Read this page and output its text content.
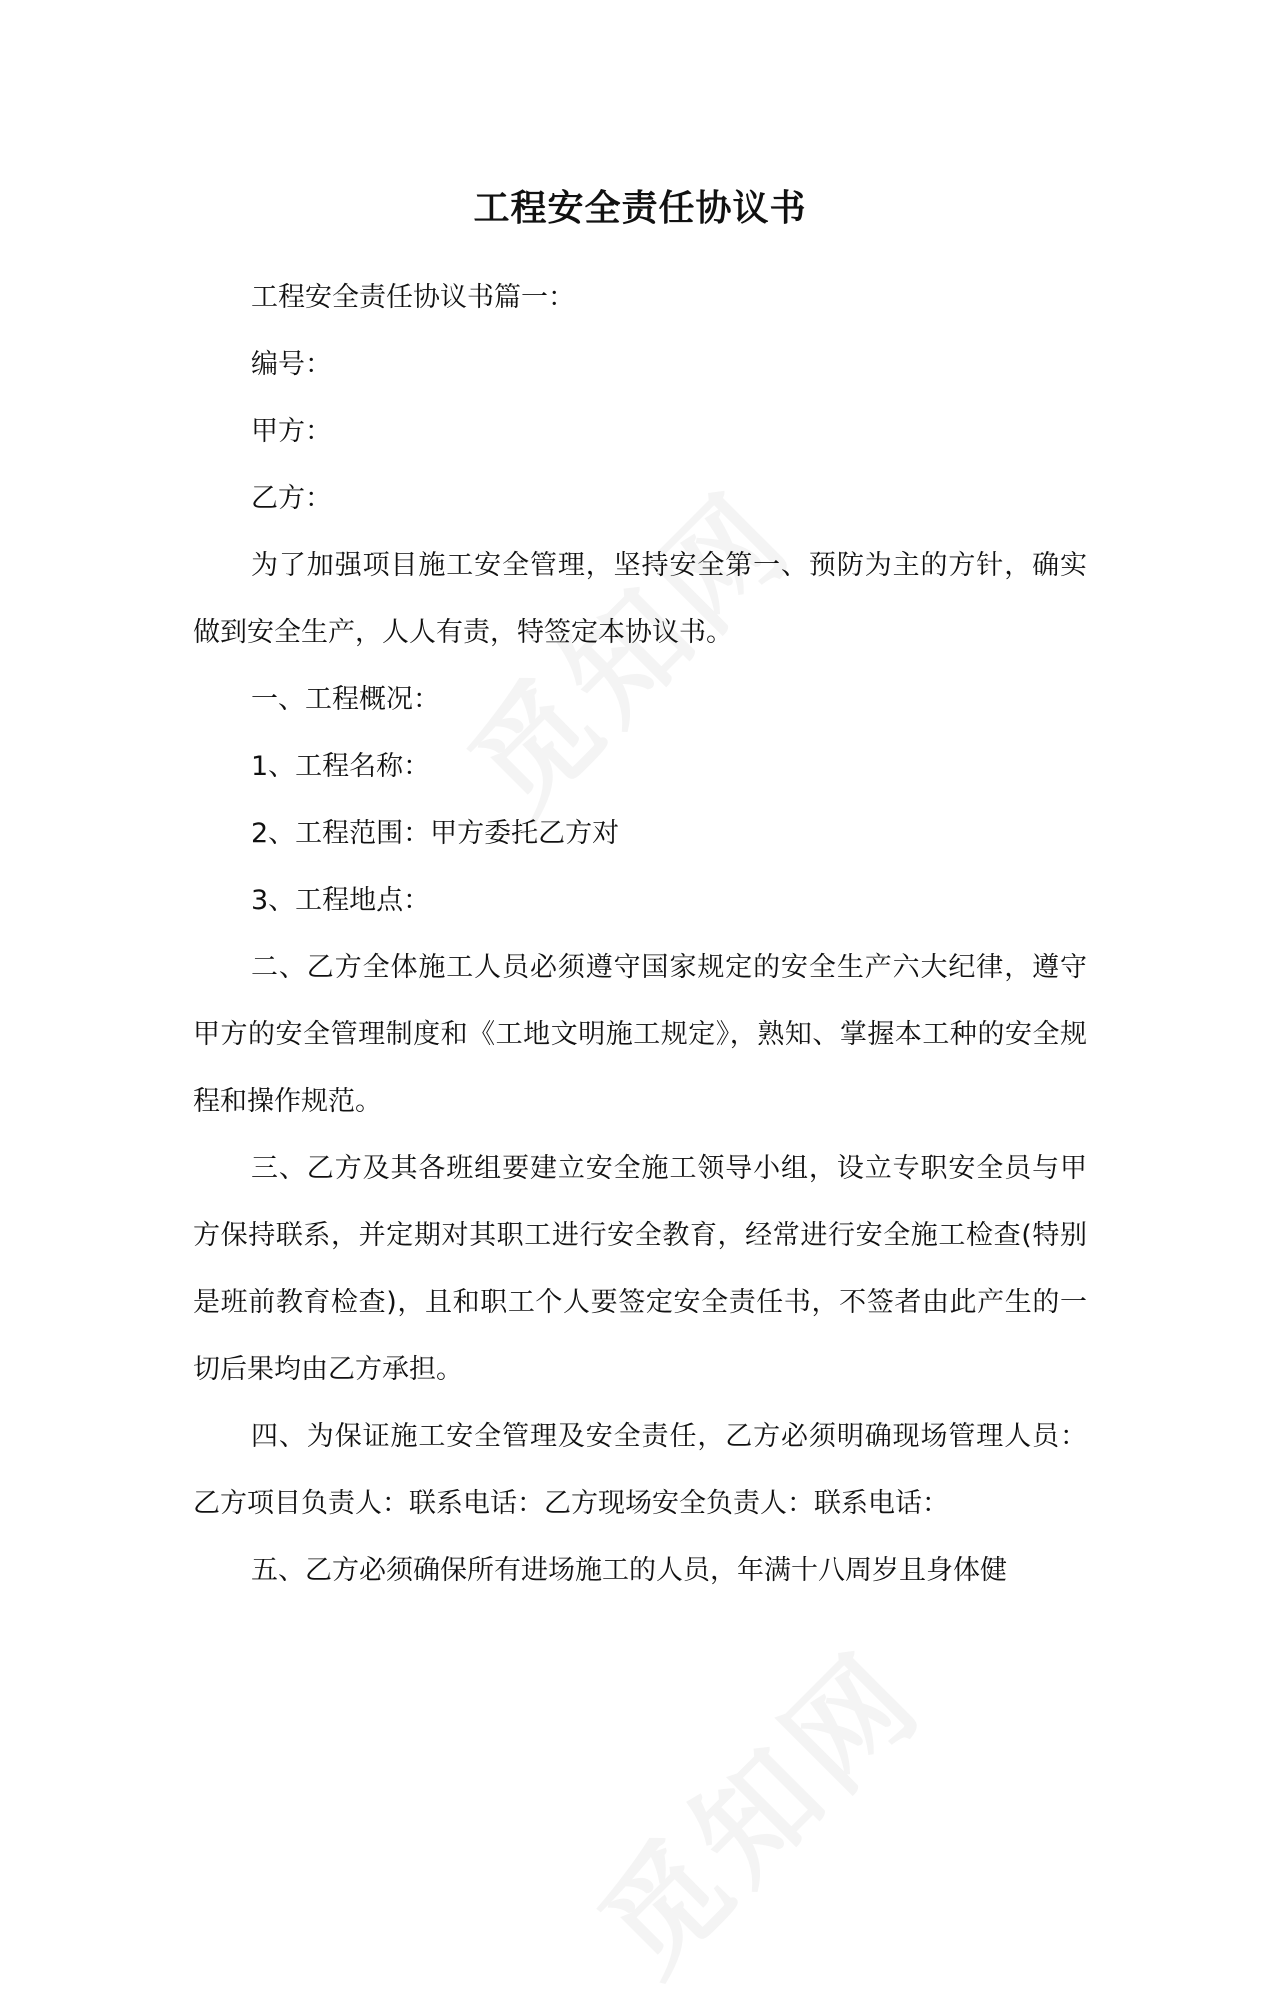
工程安全责任协议书

工程安全责任协议书篇一：

编号：

甲方：

乙方：

为了加强项目施工安全管理，坚持安全第一、预防为主的方针，确实做到安全生产，人人有责，特签定本协议书。

一、工程概况：

1、工程名称：

2、工程范围：甲方委托乙方对

3、工程地点：

二、乙方全体施工人员必须遵守国家规定的安全生产六大纪律，遵守甲方的安全管理制度和《工地文明施工规定》，熟知、掌握本工种的安全规程和操作规范。

三、乙方及其各班组要建立安全施工领导小组，设立专职安全员与甲方保持联系，并定期对其职工进行安全教育，经常进行安全施工检查(特别是班前教育检查)，且和职工个人要签定安全责任书，不签者由此产生的一切后果均由乙方承担。

四、为保证施工安全管理及安全责任，乙方必须明确现场管理人员：乙方项目负责人：联系电话：乙方现场安全负责人：联系电话：

五、乙方必须确保所有进场施工的人员，年满十八周岁且身体健
